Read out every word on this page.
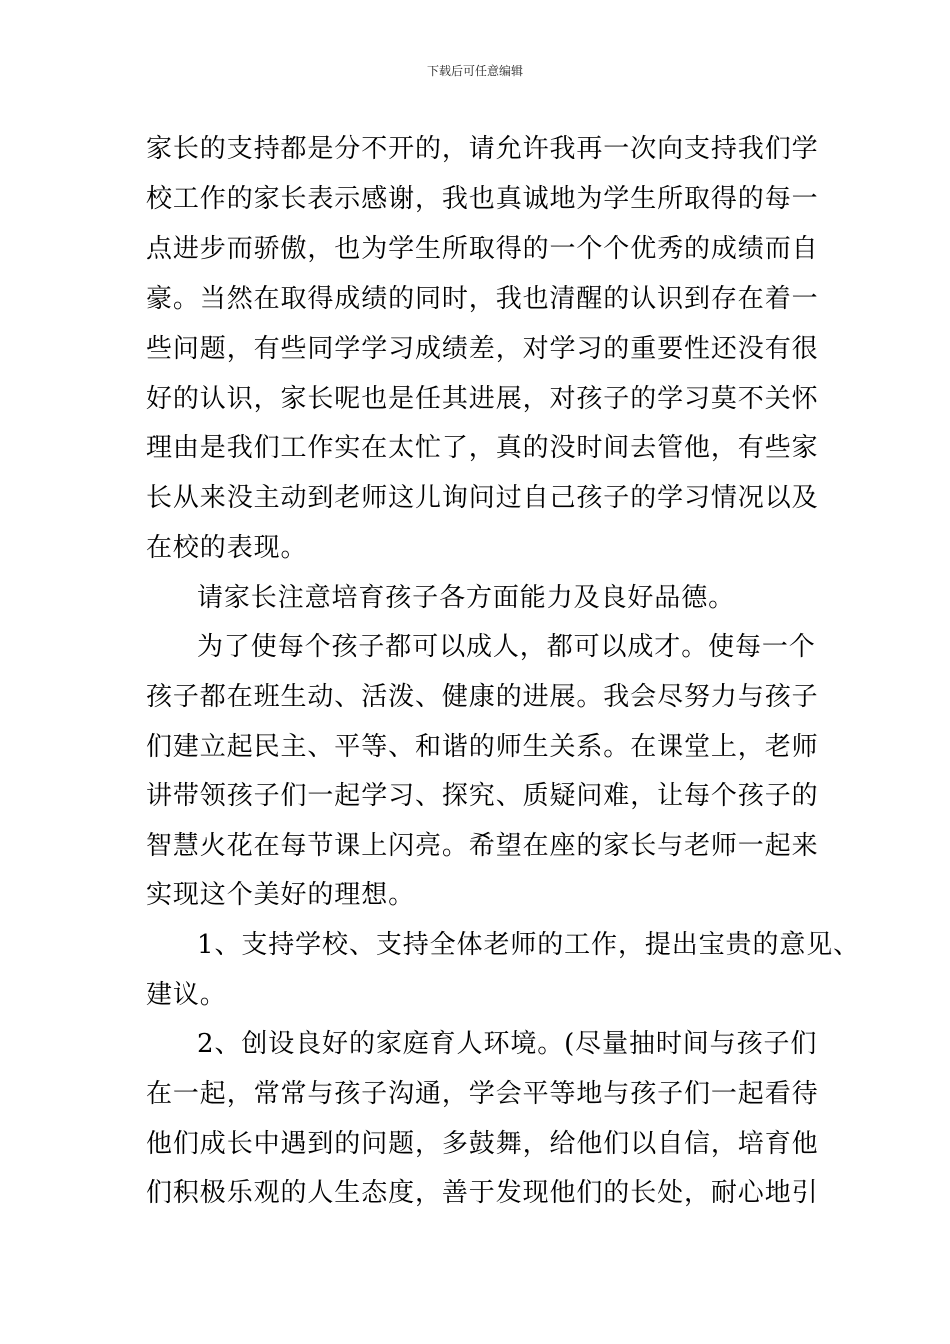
下载后可任意编辑
家长的支持都是分不开的，请允许我再一次向支持我们学
校工作的家长表示感谢，我也真诚地为学生所取得的每一
点进步而骄傲，也为学生所取得的一个个优秀的成绩而自
豪。当然在取得成绩的同时，我也清醒的认识到存在着一
些问题，有些同学学习成绩差，对学习的重要性还没有很
好的认识，家长呢也是任其进展，对孩子的学习莫不关怀
理由是我们工作实在太忙了，真的没时间去管他，有些家
长从来没主动到老师这儿询问过自己孩子的学习情况以及
在校的表现。
请家长注意培育孩子各方面能力及良好品德。
为了使每个孩子都可以成人，都可以成才。使每一个
孩子都在班生动、活泼、健康的进展。我会尽努力与孩子
们建立起民主、平等、和谐的师生关系。在课堂上，老师
讲带领孩子们一起学习、探究、质疑问难，让每个孩子的
智慧火花在每节课上闪亮。希望在座的家长与老师一起来
实现这个美好的理想。
1、支持学校、支持全体老师的工作，提出宝贵的意见、
建议。
2、创设良好的家庭育人环境。(尽量抽时间与孩子们
在一起，常常与孩子沟通，学会平等地与孩子们一起看待
他们成长中遇到的问题，多鼓舞，给他们以自信，培育他
们积极乐观的人生态度，善于发现他们的长处，耐心地引
